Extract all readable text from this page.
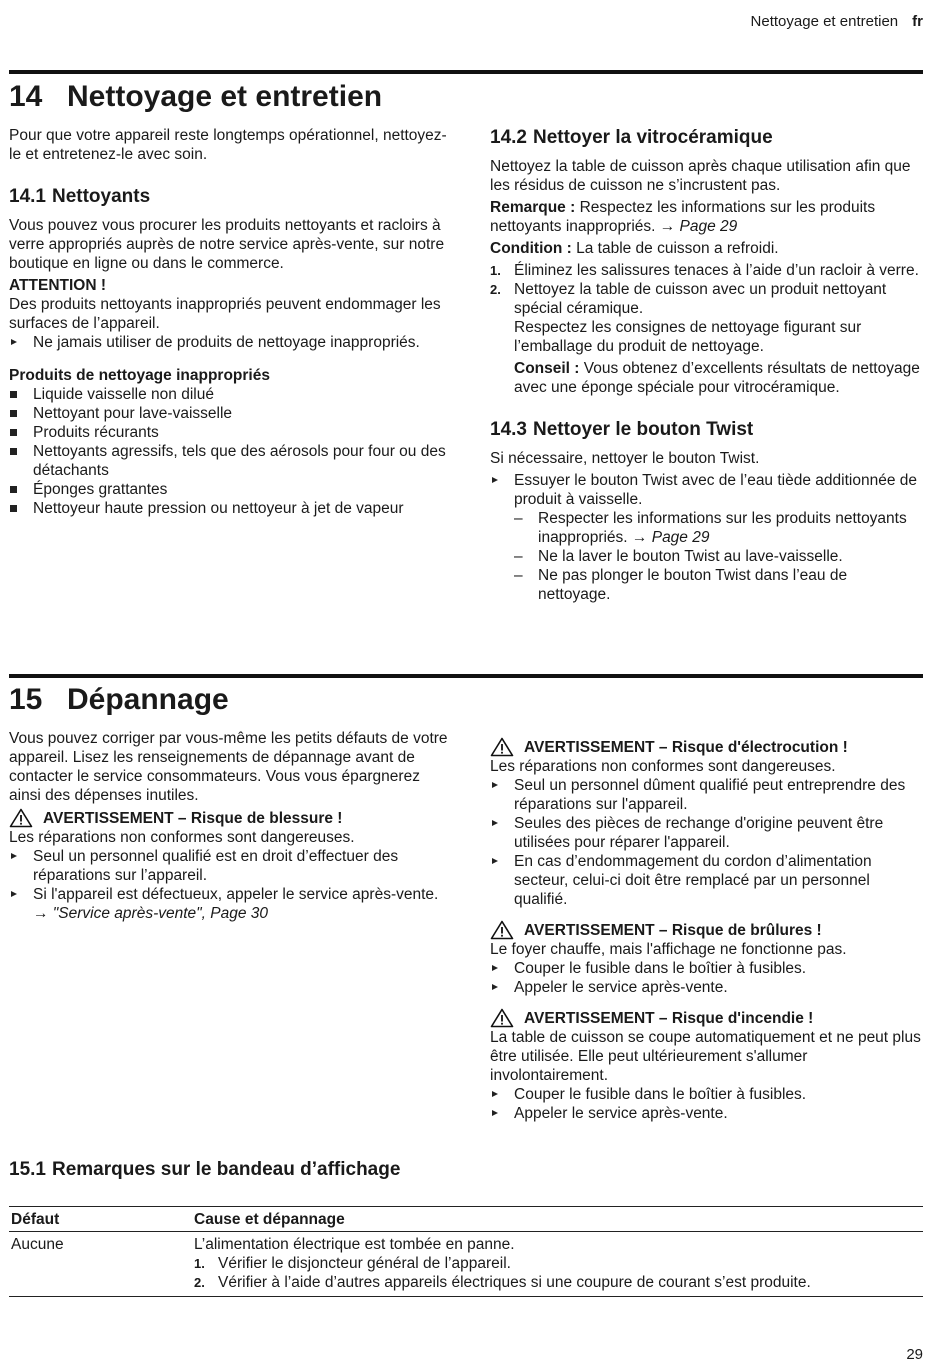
Nettoyage et entretien fr
14 Nettoyage et entretien

Pour que votre appareil reste longtemps opérationnel, nettoyez-le et entretenez-le avec soin.

14.1 Nettoyants

Vous pouvez vous procurer les produits nettoyants et racloirs à verre appropriés auprès de notre service après-vente, sur notre boutique en ligne ou dans le commerce.

ATTENTION !

Des produits nettoyants inappropriés peuvent endommager les surfaces de l’appareil.

Ne jamais utiliser de produits de nettoyage inappropriés.

Produits de nettoyage inappropriés

Liquide vaisselle non dilué
Nettoyant pour lave-vaisselle
Produits récurants
Nettoyants agressifs, tels que des aérosols pour four ou des détachants
Éponges grattantes
Nettoyeur haute pression ou nettoyeur à jet de vapeur
14.2 Nettoyer la vitrocéramique

Nettoyez la table de cuisson après chaque utilisation afin que les résidus de cuisson ne s’incrustent pas.

Remarque : Respectez les informations sur les produits nettoyants inappropriés. → Page 29

Condition : La table de cuisson a refroidi.

1. Éliminez les salissures tenaces à l’aide d’un racloir à verre.
2. Nettoyez la table de cuisson avec un produit nettoyant spécial céramique.

Respectez les consignes de nettoyage figurant sur l’emballage du produit de nettoyage.

Conseil : Vous obtenez d’excellents résultats de nettoyage avec une éponge spéciale pour vitrocéramique.

14.3 Nettoyer le bouton Twist

Si nécessaire, nettoyer le bouton Twist.

Essuyer le bouton Twist avec de l’eau tiède additionnée de produit à vaisselle.
– Respecter les informations sur les produits nettoyants inappropriés. → Page 29
– Ne la laver le bouton Twist au lave-vaisselle.
– Ne pas plonger le bouton Twist dans l’eau de nettoyage.
15 Dépannage

Vous pouvez corriger par vous-même les petits défauts de votre appareil. Lisez les renseignements de dépannage avant de contacter le service consommateurs. Vous vous épargnerez ainsi des dépenses inutiles.

AVERTISSEMENT – Risque de blessure !

Les réparations non conformes sont dangereuses.

Seul un personnel qualifié est en droit d’effectuer des réparations sur l’appareil.
Si l'appareil est défectueux, appeler le service après-vente.
→ "Service après-vente", Page 30
AVERTISSEMENT – Risque d'électrocution !

Les réparations non conformes sont dangereuses.

Seul un personnel dûment qualifié peut entreprendre des réparations sur l'appareil.
Seules des pièces de rechange d'origine peuvent être utilisées pour réparer l'appareil.
En cas d’endommagement du cordon d’alimentation secteur, celui-ci doit être remplacé par un personnel qualifié.
AVERTISSEMENT – Risque de brûlures !

Le foyer chauffe, mais l'affichage ne fonctionne pas.

Couper le fusible dans le boîtier à fusibles.
Appeler le service après-vente.
AVERTISSEMENT – Risque d'incendie !

La table de cuisson se coupe automatiquement et ne peut plus être utilisée. Elle peut ultérieurement s'allumer involontairement.

Couper le fusible dans le boîtier à fusibles.
Appeler le service après-vente.
15.1 Remarques sur le bandeau d’affichage
Défaut	Cause et dépannage
Aucune	L’alimentation électrique est tombée en panne.

1. Vérifier le disjoncteur général de l’appareil.
2. Vérifier à l’aide d’autres appareils électriques si une coupure de courant s’est produite.
29
